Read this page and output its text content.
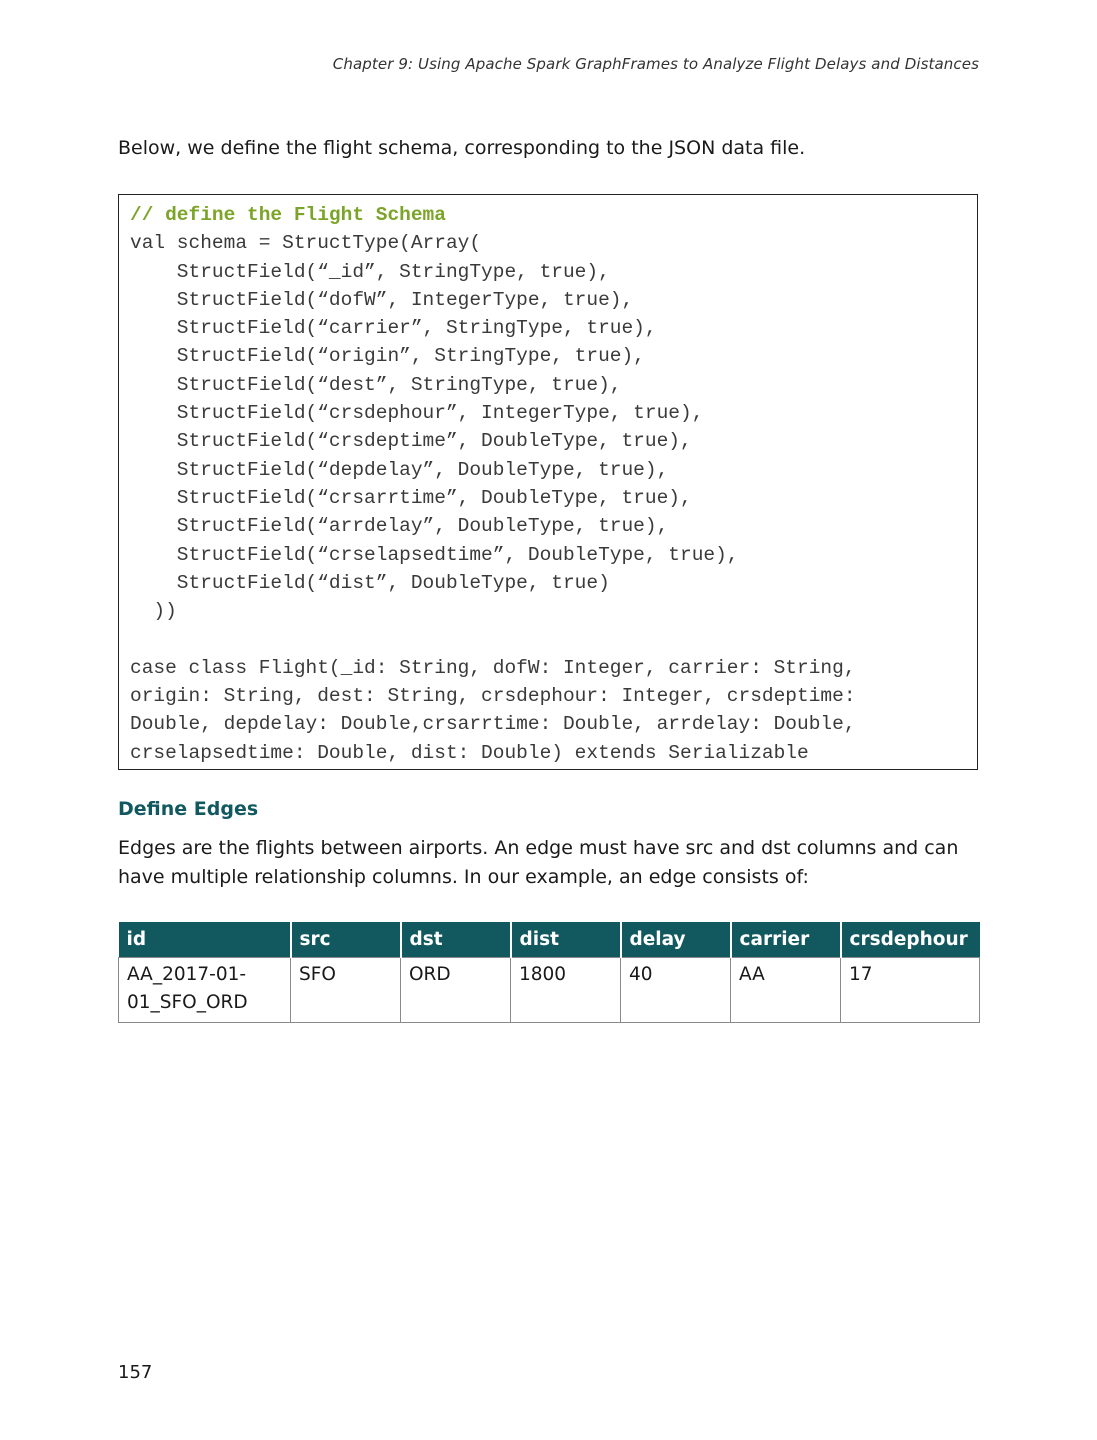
Chapter 9: Using Apache Spark GraphFrames to Analyze Flight Delays and Distances
Below, we define the flight schema, corresponding to the JSON data file.
// define the Flight Schema
val schema = StructType(Array(
StructField(“_id”, StringType, true),
StructField(“dofW”, IntegerType, true),
StructField(“carrier”, StringType, true),
StructField(“origin”, StringType, true),
StructField(“dest”, StringType, true),
StructField(“crsdephour”, IntegerType, true),
StructField(“crsdeptime”, DoubleType, true),
StructField(“depdelay”, DoubleType, true),
StructField(“crsarrtime”, DoubleType, true),
StructField(“arrdelay”, DoubleType, true),
StructField(“crselapsedtime”, DoubleType, true),
StructField(“dist”, DoubleType, true)
))
case class Flight(_id: String, dofW: Integer, carrier: String,
origin: String, dest: String, crsdephour: Integer, crsdeptime:
Double, depdelay: Double,crsarrtime: Double, arrdelay: Double,
crselapsedtime: Double, dist: Double) extends Serializable
Define Edges
Edges are the flights between airports. An edge must have src and dst columns and can have multiple relationship columns. In our example, an edge consists of:
id	src	dst	dist	delay	carrier	crsdephour
AA_2017-01-01_SFO_ORD	SFO	ORD	1800	40	AA	17
157
